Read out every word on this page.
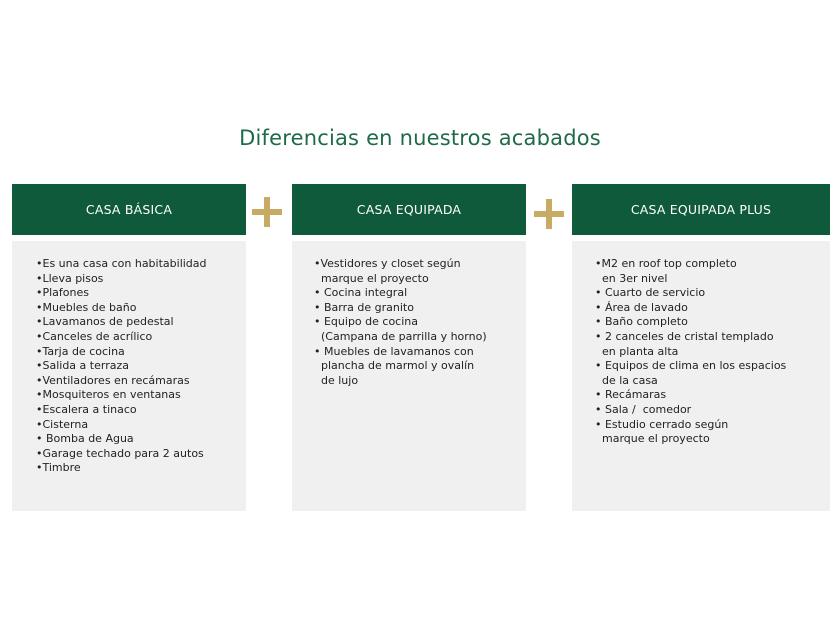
Diferencias en nuestros acabados
CASA BÁSICA
•Es una casa con habitabilidad
•Lleva pisos
•Plafones
•Muebles de baño
•Lavamanos de pedestal
•Canceles de acrílico
•Tarja de cocina
•Salida a terraza
•Ventiladores en recámaras
•Mosquiteros en ventanas
•Escalera a tinaco
•Cisterna
• Bomba de Agua
•Garage techado para 2 autos
•Timbre
CASA EQUIPADA
•Vestidores y closet según
marque el proyecto
• Cocina integral
• Barra de granito
• Equipo de cocina
(Campana de parrilla y horno)
• Muebles de lavamanos con
plancha de marmol y ovalín
de lujo
CASA EQUIPADA PLUS
•M2 en roof top completo
en 3er nivel
• Cuarto de servicio
• Área de lavado
• Baño completo
• 2 canceles de cristal templado
en planta alta
• Equipos de clima en los espacios
de la casa
• Recámaras
• Sala /  comedor
• Estudio cerrado según
marque el proyecto
